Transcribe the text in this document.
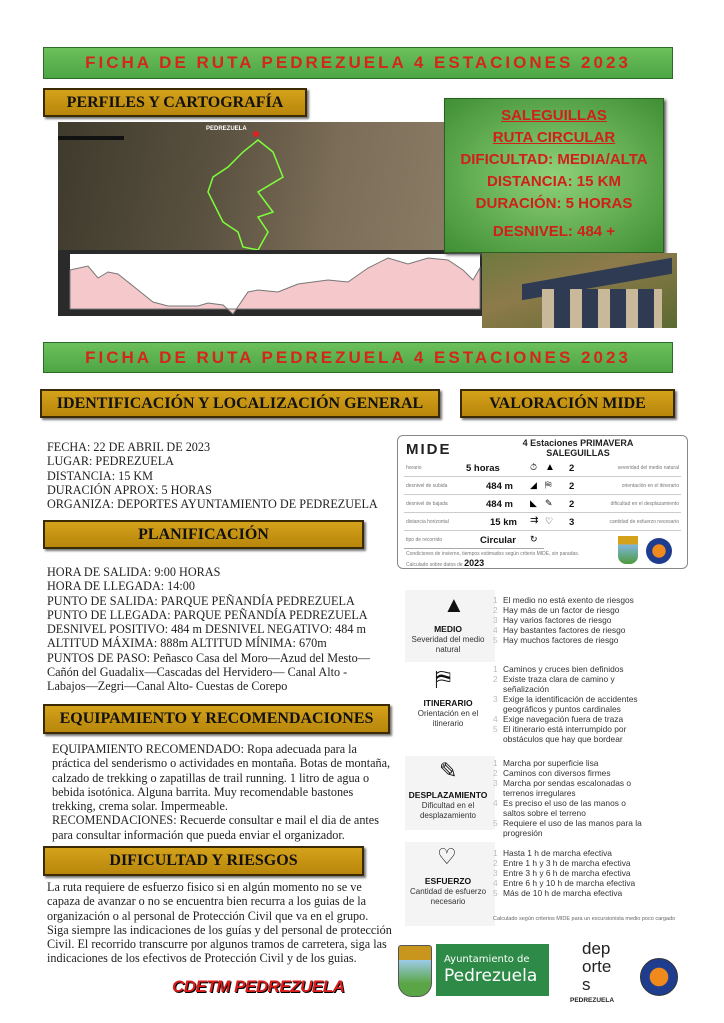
FICHA DE RUTA PEDREZUELA 4 ESTACIONES 2023
PERFILES Y CARTOGRAFÍA
PEDREZUELA
SALEGUILLAS
RUTA CIRCULAR
DIFICULTAD: MEDIA/ALTA
DISTANCIA: 15 KM
DURACIÓN: 5 HORAS
DESNIVEL: 484 +
FICHA DE RUTA PEDREZUELA 4 ESTACIONES 2023
IDENTIFICACIÓN Y LOCALIZACIÓN GENERAL	VALORACIÓN MIDE
FECHA: 22 DE ABRIL DE 2023
LUGAR: PEDREZUELA
DISTANCIA: 15 KM
DURACIÓN APROX: 5 HORAS
ORGANIZA: DEPORTES AYUNTAMIENTO DE PEDREZUELA
MIDE	4 Estaciones PRIMAVERA
SALEGUILLAS
horario	5 horas	⏱ ▲ 2	severidad del medio natural
desnivel de subida	484 m ◢ ⛿ 2	orientación en el itinerario
desnivel de bajada	484 m ◣ ✎ 2	dificultad en el desplazamiento
distancia horizontal	15 km ⇉ ♡ 3	cantidad de esfuerzo necesario
tipo de recorrido	Circular ↻
Condiciones de invierno, tiempos estimados según criterio MIDE, sin paradas.
Calculado sobre datos de 2023
PLANIFICACIÓN
HORA DE SALIDA: 9:00 HORAS
HORA DE LLEGADA: 14:00
PUNTO DE SALIDA: PARQUE PEÑANDÍA PEDREZUELA
PUNTO DE LLEGADA: PARQUE PEÑANDÍA PEDREZUELA
DESNIVEL POSITIVO: 484 m DESNIVEL NEGATIVO: 484 m
ALTITUD MÁXIMA: 888m ALTITUD MÍNIMA: 670m
PUNTOS DE PASO: Peñasco Casa del Moro—Azud del Mesto—
Cañón del Guadalix—Cascadas del Hervidero— Canal Alto -
Labajos—Zegri—Canal Alto- Cuestas de Corepo
EQUIPAMIENTO Y RECOMENDACIONES
EQUIPAMIENTO RECOMENDADO: Ropa adecuada para la práctica del senderismo o actividades en montaña. Botas de montaña, calzado de trekking o zapatillas de trail running. 1 litro de agua o bebida isotónica. Alguna barrita. Muy recomendable bastones trekking, crema solar. Impermeable.
RECOMENDACIONES: Recuerde consultar e mail el dia de antes para consultar información que pueda enviar el organizador.
DIFICULTAD Y RIESGOS
La ruta requiere de esfuerzo fisico si en algún momento no se ve capaza de avanzar o no se encuentra bien recurra a los guias de la organización o al personal de Protección Civil que va en el grupo. Siga siempre las indicaciones de los guías y del personal de protección Civil. El recorrido transcurre por algunos tramos de carretera, siga las indicaciones de los efectivos de Protección Civil y de los guias.
CDETM PEDREZUELA
▲
MEDIO
Severidad del medio natural
1 El medio no está exento de riesgos
2 Hay más de un factor de riesgo
3 Hay varios factores de riesgo
4 Hay bastantes factores de riesgo
5 Hay muchos factores de riesgo
⛿
ITINERARIO
Orientación en el itinerario
1 Caminos y cruces bien definidos
2 Existe traza clara de camino y señalización
3 Exige la identificación de accidentes geográficos y puntos cardinales
4 Exige navegación fuera de traza
5 El itinerario está interrumpido por obstáculos que hay que bordear
✎
DESPLAZAMIENTO
Dificultad en el desplazamiento
1 Marcha por superficie lisa
2 Caminos con diversos firmes
3 Marcha por sendas escalonadas o terrenos irregulares
4 Es preciso el uso de las manos o saltos sobre el terreno
5 Requiere el uso de las manos para la progresión
♡
ESFUERZO
Cantidad de esfuerzo necesario
1 Hasta 1 h de marcha efectiva
2 Entre 1 h y 3 h de marcha efectiva
3 Entre 3 h y 6 h de marcha efectiva
4 Entre 6 h y 10 h de marcha efectiva
5 Más de 10 h de marcha efectiva
Calculado según criterios MIDE para un excursionista medio poco cargado
Ayuntamiento de
Pedrezuela
deportes
PEDREZUELA
